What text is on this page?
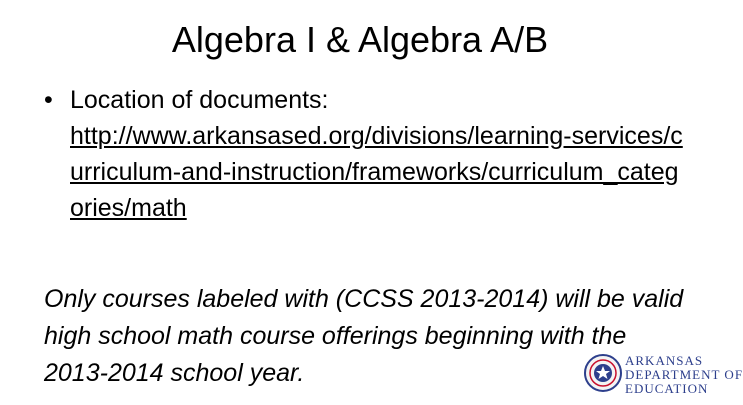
Algebra I & Algebra A/B
• Location of documents:
http://www.arkansased.org/divisions/learning-services/curriculum-and-instruction/frameworks/curriculum_categories/math
Only courses labeled with (CCSS 2013-2014) will be valid high school math course offerings beginning with the 2013-2014 school year.	ARKANSAS
DEPARTMENT OF
EDUCATION
